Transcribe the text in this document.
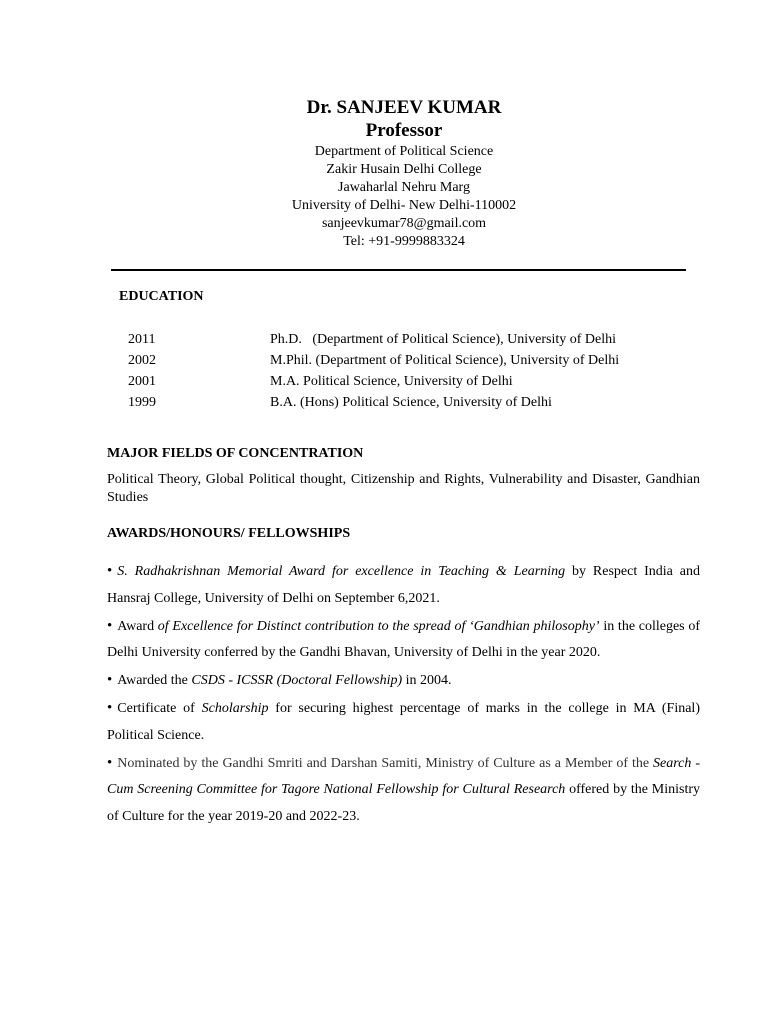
Dr. SANJEEV KUMAR
Professor
Department of Political Science
Zakir Husain Delhi College
Jawaharlal Nehru Marg
University of Delhi- New Delhi-110002
sanjeevkumar78@gmail.com
Tel: +91-9999883324
EDUCATION
2011	Ph.D.   (Department of Political Science), University of Delhi
2002	M.Phil. (Department of Political Science), University of Delhi
2001	M.A. Political Science, University of Delhi
1999	B.A. (Hons) Political Science, University of Delhi
MAJOR FIELDS OF CONCENTRATION
Political Theory, Global Political thought, Citizenship and Rights, Vulnerability and Disaster, Gandhian Studies
AWARDS/HONOURS/ FELLOWSHIPS

• S. Radhakrishnan Memorial Award for excellence in Teaching & Learning by Respect India and Hansraj College, University of Delhi on September 6,2021.

• Award of Excellence for Distinct contribution to the spread of ‘Gandhian philosophy’ in the colleges of Delhi University conferred by the Gandhi Bhavan, University of Delhi in the year 2020.

• Awarded the CSDS - ICSSR (Doctoral Fellowship) in 2004.

• Certificate of Scholarship for securing highest percentage of marks in the college in MA (Final) Political Science.

• Nominated by the Gandhi Smriti and Darshan Samiti, Ministry of Culture as a Member of the Search -Cum Screening Committee for Tagore National Fellowship for Cultural Research offered by the Ministry of Culture for the year 2019-20 and 2022-23.
